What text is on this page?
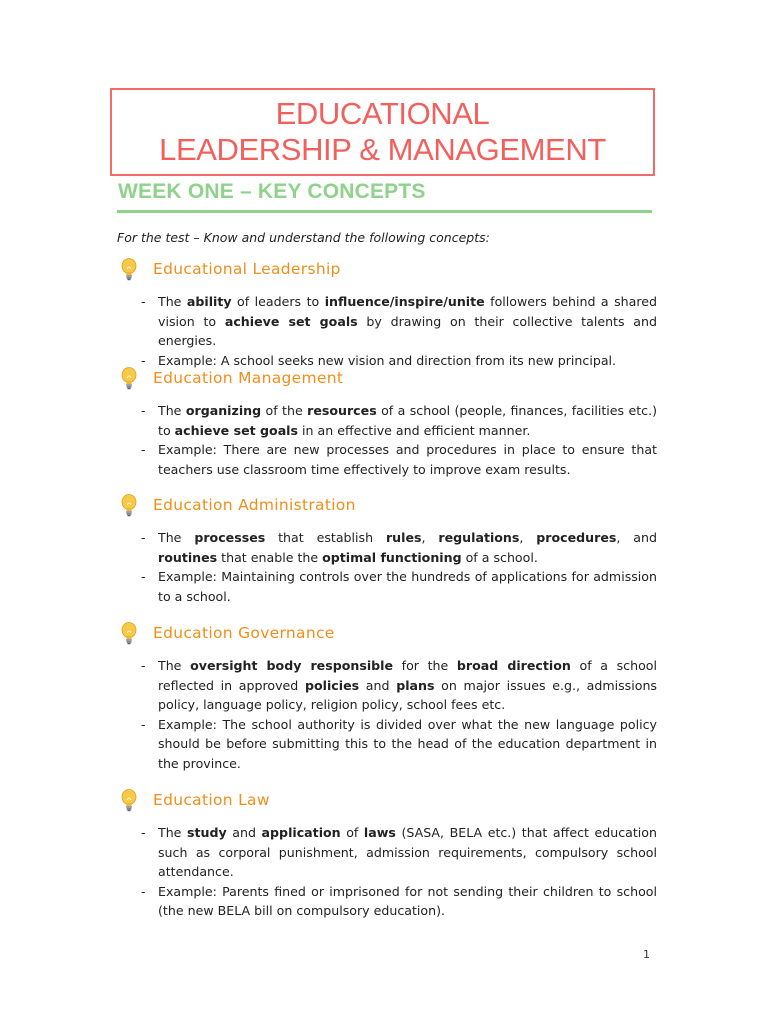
EDUCATIONAL
LEADERSHIP & MANAGEMENT
WEEK ONE – KEY CONCEPTS
For the test – Know and understand the following concepts:
Educational Leadership
- The ability of leaders to influence/inspire/unite followers behind a shared vision to achieve set goals by drawing on their collective talents and energies.
- Example: A school seeks new vision and direction from its new principal.
Education Management
- The organizing of the resources of a school (people, finances, facilities etc.) to achieve set goals in an effective and efficient manner.
- Example: There are new processes and procedures in place to ensure that teachers use classroom time effectively to improve exam results.
Education Administration
- The processes that establish rules, regulations, procedures, and routines that enable the optimal functioning of a school.
- Example: Maintaining controls over the hundreds of applications for admission to a school.
Education Governance
- The oversight body responsible for the broad direction of a school reflected in approved policies and plans on major issues e.g., admissions policy, language policy, religion policy, school fees etc.
- Example: The school authority is divided over what the new language policy should be before submitting this to the head of the education department in the province.
Education Law
- The study and application of laws (SASA, BELA etc.) that affect education such as corporal punishment, admission requirements, compulsory school attendance.
- Example: Parents fined or imprisoned for not sending their children to school (the new BELA bill on compulsory education).
1
